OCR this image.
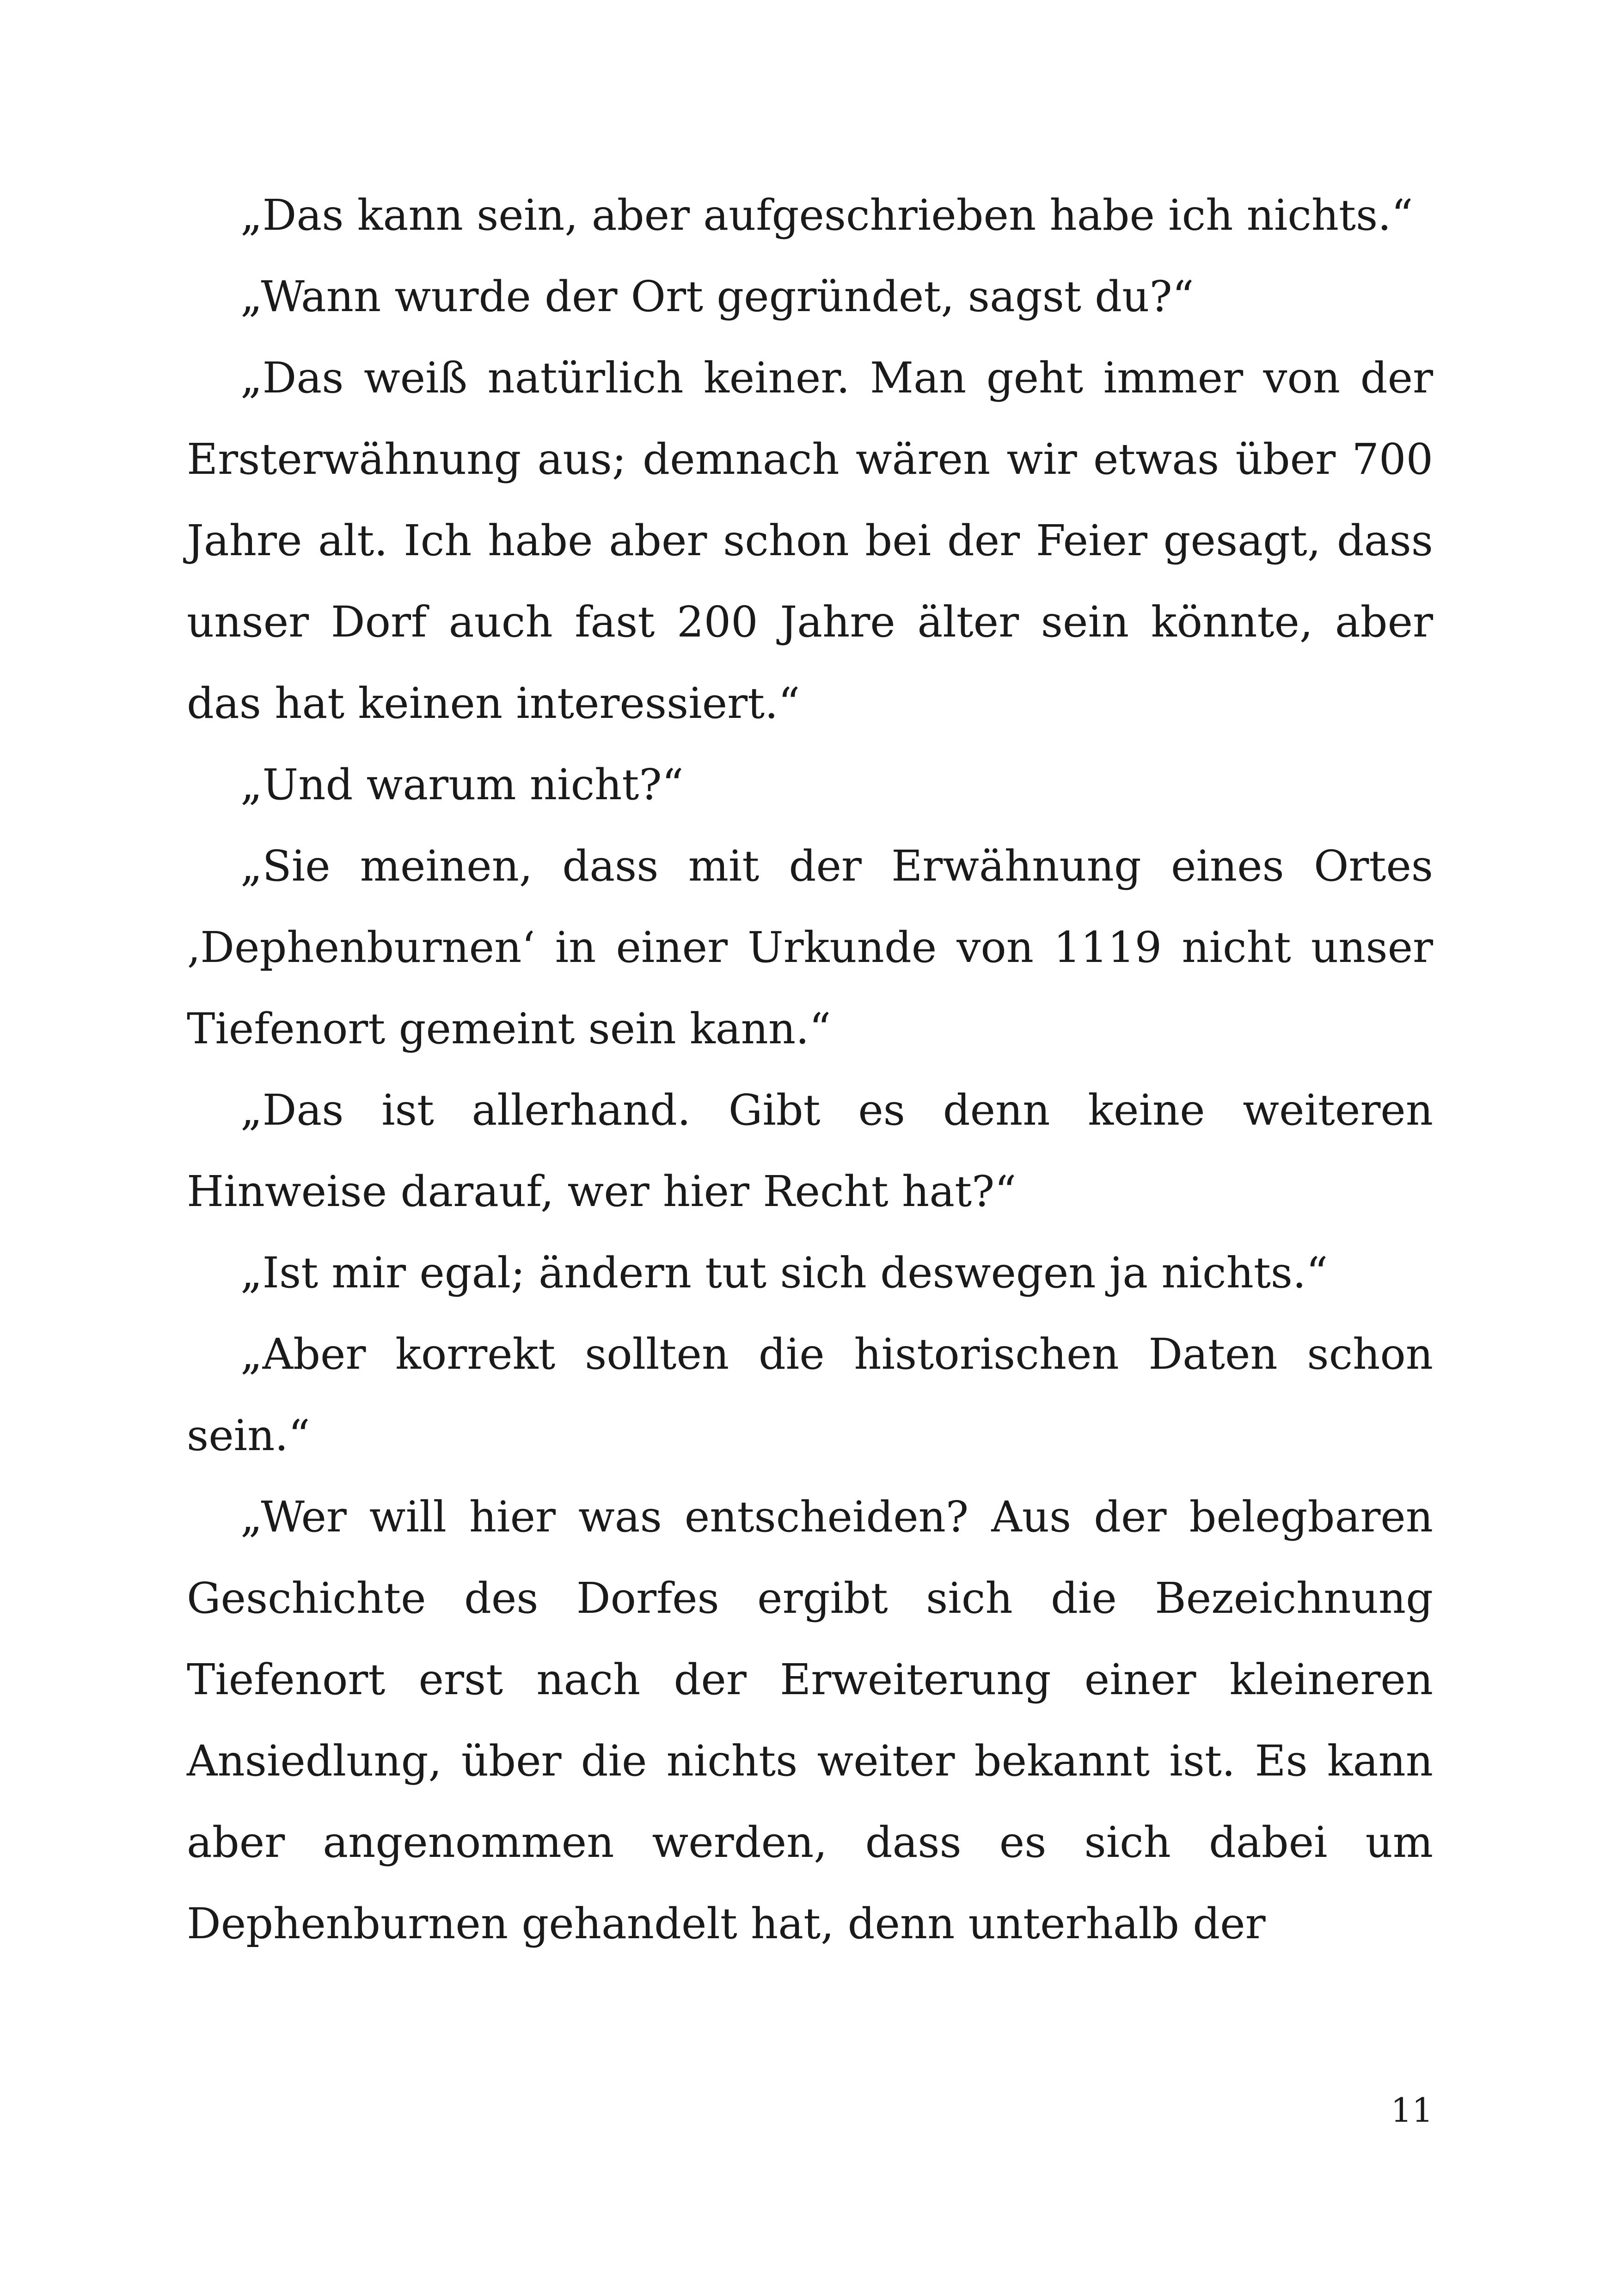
„Das kann sein, aber aufgeschrieben habe ich nichts.“

„Wann wurde der Ort gegründet, sagst du?“

„Das weiß natürlich keiner. Man geht immer von der Ersterwähnung aus; demnach wären wir etwas über 700 Jahre alt. Ich habe aber schon bei der Feier gesagt, dass unser Dorf auch fast 200 Jahre älter sein könnte, aber das hat keinen interessiert.“

„Und warum nicht?“

„Sie meinen, dass mit der Erwähnung eines Ortes ‚Dephenburnen‘ in einer Urkunde von 1119 nicht unser Tiefenort gemeint sein kann.“

„Das ist allerhand. Gibt es denn keine weiteren Hinweise darauf, wer hier Recht hat?“

„Ist mir egal; ändern tut sich deswegen ja nichts.“

„Aber korrekt sollten die historischen Daten schon sein.“

„Wer will hier was entscheiden? Aus der belegbaren Geschichte des Dorfes ergibt sich die Bezeichnung Tiefenort erst nach der Erweiterung einer kleineren Ansiedlung, über die nichts weiter bekannt ist. Es kann aber angenommen werden, dass es sich dabei um Dephenburnen gehandelt hat, denn unterhalb der

11
